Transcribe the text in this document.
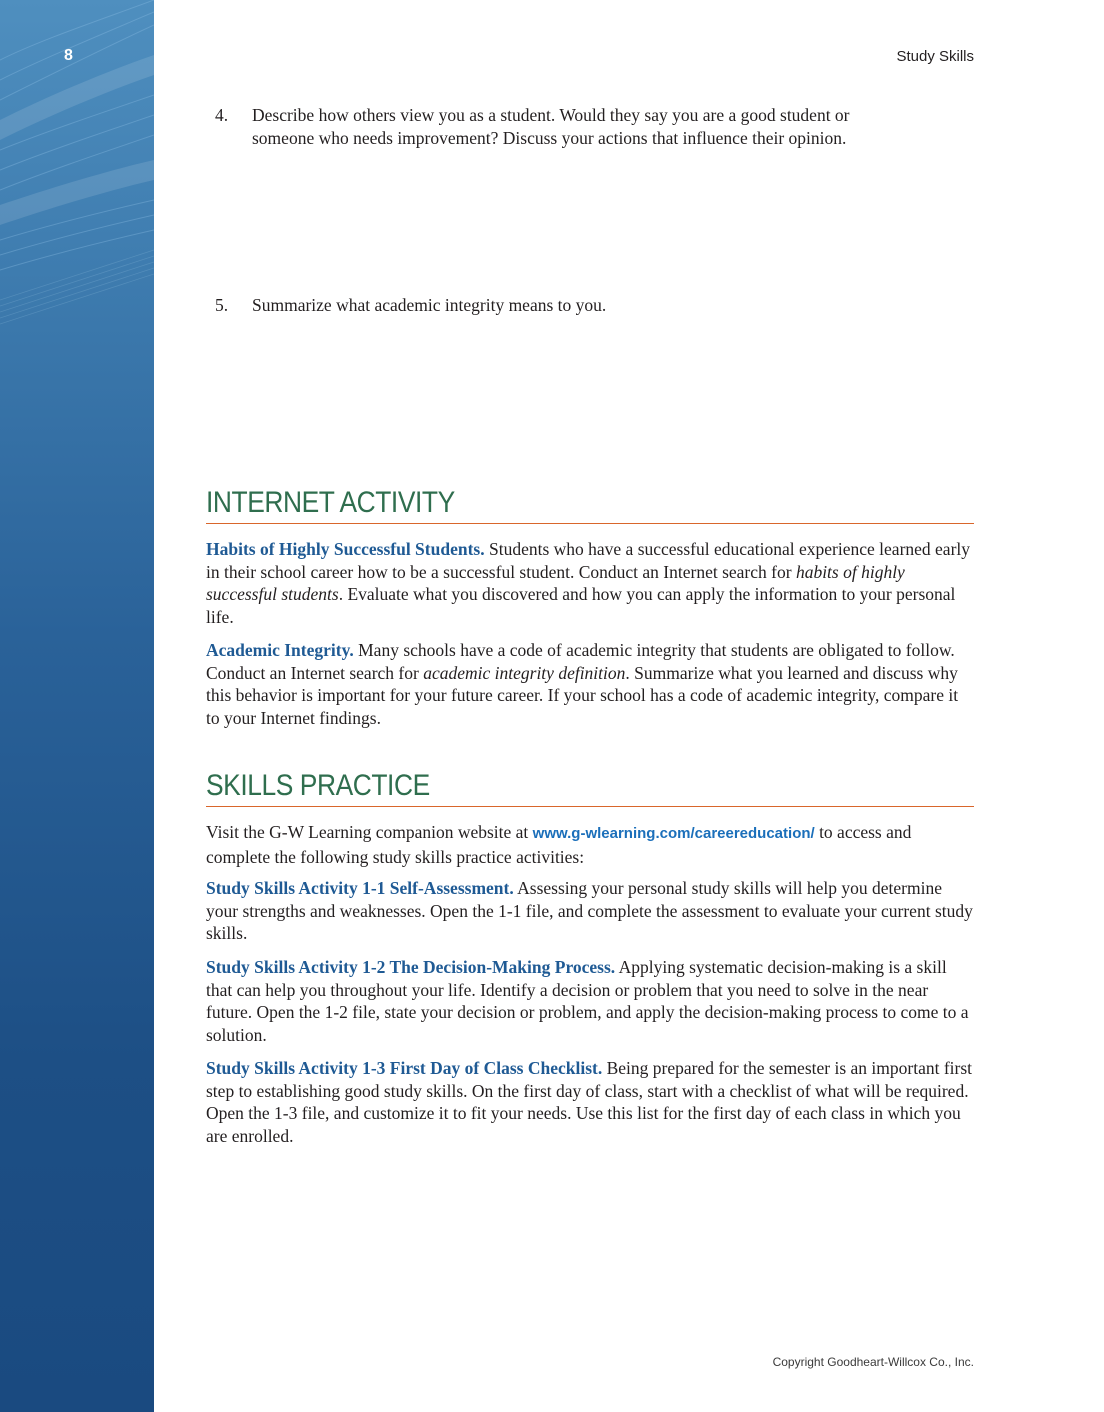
8	Study Skills
4.	Describe how others view you as a student. Would they say you are a good student or someone who needs improvement? Discuss your actions that influence their opinion.
5.	Summarize what academic integrity means to you.
INTERNET ACTIVITY

Habits of Highly Successful Students. Students who have a successful educational experience learned early in their school career how to be a successful student. Conduct an Internet search for habits of highly successful students. Evaluate what you discovered and how you can apply the information to your personal life.

Academic Integrity. Many schools have a code of academic integrity that students are obligated to follow. Conduct an Internet search for academic integrity definition. Summarize what you learned and discuss why this behavior is important for your future career. If your school has a code of academic integrity, compare it to your Internet findings.

SKILLS PRACTICE

Visit the G-W Learning companion website at www.g-wlearning.com/careereducation/ to access and complete the following study skills practice activities:

Study Skills Activity 1-1 Self-Assessment. Assessing your personal study skills will help you determine your strengths and weaknesses. Open the 1-1 file, and complete the assessment to evaluate your current study skills.

Study Skills Activity 1-2 The Decision-Making Process. Applying systematic decision-making is a skill that can help you throughout your life. Identify a decision or problem that you need to solve in the near future. Open the 1-2 file, state your decision or problem, and apply the decision-making process to come to a solution.

Study Skills Activity 1-3 First Day of Class Checklist. Being prepared for the semester is an important first step to establishing good study skills. On the first day of class, start with a checklist of what will be required. Open the 1-3 file, and customize it to fit your needs. Use this list for the first day of each class in which you are enrolled.

Copyright Goodheart-Willcox Co., Inc.
